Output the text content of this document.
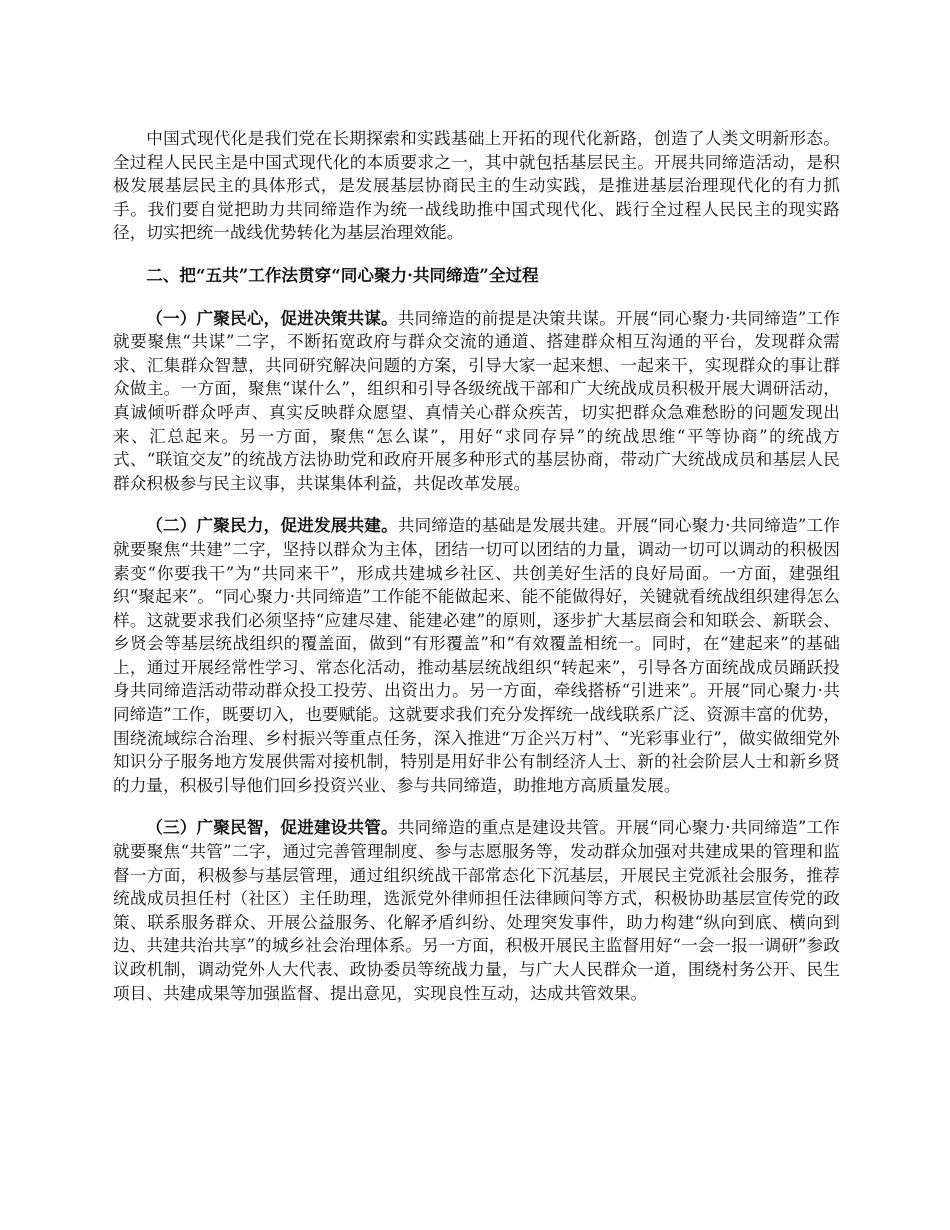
中国式现代化是我们党在长期探索和实践基础上开拓的现代化新路，创造了人类文明新形态。全过程人民民主是中国式现代化的本质要求之一，其中就包括基层民主。开展共同缔造活动，是积极发展基层民主的具体形式，是发展基层协商民主的生动实践，是推进基层治理现代化的有力抓手。我们要自觉把助力共同缔造作为统一战线助推中国式现代化、践行全过程人民民主的现实路径，切实把统一战线优势转化为基层治理效能。

二、把“五共”工作法贯穿“同心聚力·共同缔造”全过程

（一）广聚民心，促进决策共谋。共同缔造的前提是决策共谋。开展“同心聚力·共同缔造”工作就要聚焦“共谋”二字，不断拓宽政府与群众交流的通道、搭建群众相互沟通的平台，发现群众需求、汇集群众智慧，共同研究解决问题的方案，引导大家一起来想、一起来干，实现群众的事让群众做主。一方面，聚焦“谋什么”，组织和引导各级统战干部和广大统战成员积极开展大调研活动，真诚倾听群众呼声、真实反映群众愿望、真情关心群众疾苦，切实把群众急难愁盼的问题发现出来、汇总起来。另一方面，聚焦“怎么谋”，用好“求同存异”的统战思维“平等协商”的统战方式、“联谊交友”的统战方法协助党和政府开展多种形式的基层协商，带动广大统战成员和基层人民群众积极参与民主议事，共谋集体利益，共促改革发展。

（二）广聚民力，促进发展共建。共同缔造的基础是发展共建。开展“同心聚力·共同缔造”工作就要聚焦“共建”二字，坚持以群众为主体，团结一切可以团结的力量，调动一切可以调动的积极因素变“你要我干”为“共同来干”，形成共建城乡社区、共创美好生活的良好局面。一方面，建强组织“聚起来”。“同心聚力·共同缔造”工作能不能做起来、能不能做得好，关键就看统战组织建得怎么样。这就要求我们必须坚持“应建尽建、能建必建”的原则，逐步扩大基层商会和知联会、新联会、乡贤会等基层统战组织的覆盖面，做到“有形覆盖”和“有效覆盖相统一。同时，在“建起来”的基础上，通过开展经常性学习、常态化活动，推动基层统战组织“转起来”，引导各方面统战成员踊跃投身共同缔造活动带动群众投工投劳、出资出力。另一方面，牵线搭桥“引进来”。开展“同心聚力·共同缔造”工作，既要切入，也要赋能。这就要求我们充分发挥统一战线联系广泛、资源丰富的优势，围绕流域综合治理、乡村振兴等重点任务，深入推进“万企兴万村”、“光彩事业行”，做实做细党外知识分子服务地方发展供需对接机制，特别是用好非公有制经济人士、新的社会阶层人士和新乡贤的力量，积极引导他们回乡投资兴业、参与共同缔造，助推地方高质量发展。

（三）广聚民智，促进建设共管。共同缔造的重点是建设共管。开展“同心聚力·共同缔造”工作就要聚焦“共管”二字，通过完善管理制度、参与志愿服务等，发动群众加强对共建成果的管理和监督一方面，积极参与基层管理，通过组织统战干部常态化下沉基层，开展民主党派社会服务，推荐统战成员担任村（社区）主任助理，选派党外律师担任法律顾问等方式，积极协助基层宣传党的政策、联系服务群众、开展公益服务、化解矛盾纠纷、处理突发事件，助力构建“纵向到底、横向到边、共建共治共享”的城乡社会治理体系。另一方面，积极开展民主监督用好“一会一报一调研”参政议政机制，调动党外人大代表、政协委员等统战力量，与广大人民群众一道，围绕村务公开、民生项目、共建成果等加强监督、提出意见，实现良性互动，达成共管效果。
